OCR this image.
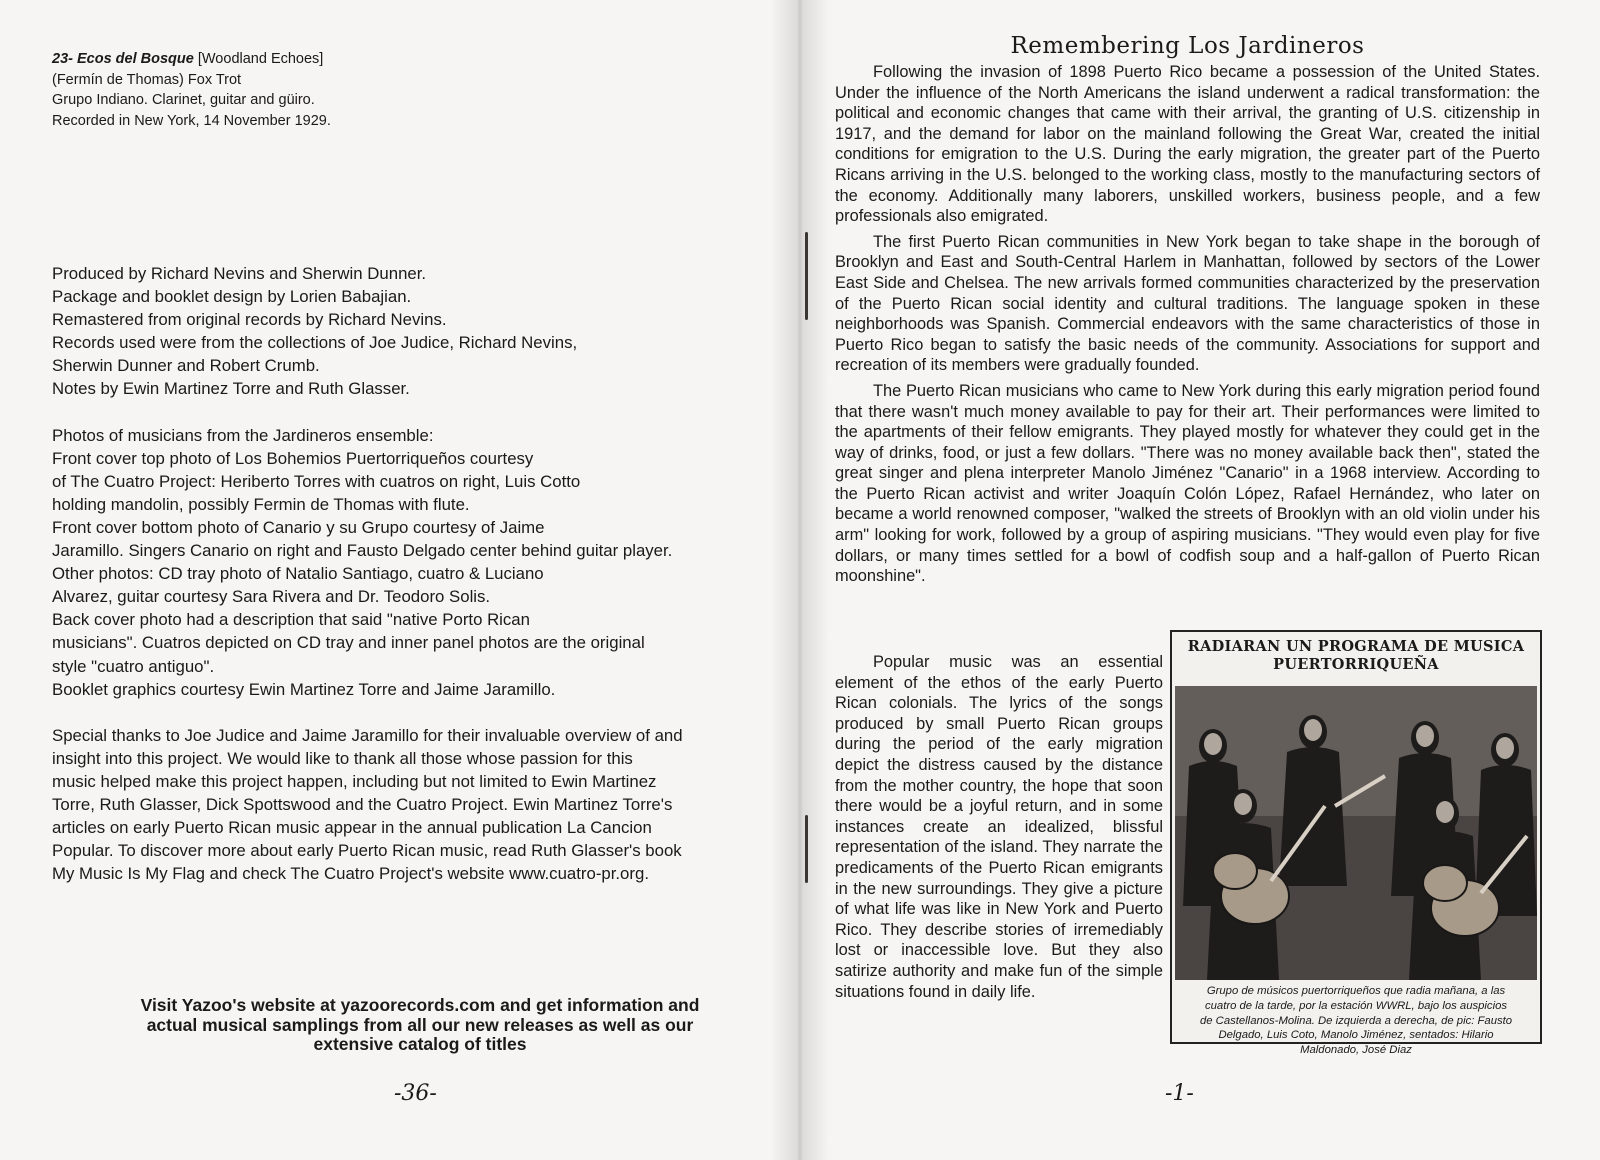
23- Ecos del Bosque [Woodland Echoes]

(Fermín de Thomas) Fox Trot

Grupo Indiano. Clarinet, guitar and güiro.

Recorded in New York, 14 November 1929.

Produced by Richard Nevins and Sherwin Dunner.

Package and booklet design by Lorien Babajian.

Remastered from original records by Richard Nevins.

Records used were from the collections of Joe Judice, Richard Nevins,

Sherwin Dunner and Robert Crumb.

Notes by Ewin Martinez Torre and Ruth Glasser.

Photos of musicians from the Jardineros ensemble:

Front cover top photo of Los Bohemios Puertorriqueños courtesy

of The Cuatro Project: Heriberto Torres with cuatros on right, Luis Cotto

holding mandolin, possibly Fermin de Thomas with flute.

Front cover bottom photo of Canario y su Grupo courtesy of Jaime

Jaramillo. Singers Canario on right and Fausto Delgado center behind guitar player.

Other photos: CD tray photo of Natalio Santiago, cuatro & Luciano

Alvarez, guitar courtesy Sara Rivera and Dr. Teodoro Solis.

Back cover photo had a description that said "native Porto Rican

musicians". Cuatros depicted on CD tray and inner panel photos are the original

style "cuatro antiguo".

Booklet graphics courtesy Ewin Martinez Torre and Jaime Jaramillo.

Special thanks to Joe Judice and Jaime Jaramillo for their invaluable overview of and

insight into this project. We would like to thank all those whose passion for this

music helped make this project happen, including but not limited to Ewin Martinez

Torre, Ruth Glasser, Dick Spottswood and the Cuatro Project. Ewin Martinez Torre's

articles on early Puerto Rican music appear in the annual publication La Cancion

Popular. To discover more about early Puerto Rican music, read Ruth Glasser's book

My Music Is My Flag and check The Cuatro Project's website www.cuatro-pr.org.

Visit Yazoo's website at yazoorecords.com and get information and

actual musical samplings from all our new releases as well as our

extensive catalog of titles

-36-
Remembering Los Jardineros

Following the invasion of 1898 Puerto Rico became a possession of the United States. Under the influence of the North Americans the island underwent a radical transformation: the political and economic changes that came with their arrival, the granting of U.S. citizenship in 1917, and the demand for labor on the mainland following the Great War, created the initial conditions for emigration to the U.S. During the early migration, the greater part of the Puerto Ricans arriving in the U.S. belonged to the working class, mostly to the manufacturing sectors of the economy. Additionally many laborers, unskilled workers, business people, and a few professionals also emigrated.

The first Puerto Rican communities in New York began to take shape in the borough of Brooklyn and East and South-Central Harlem in Manhattan, followed by sectors of the Lower East Side and Chelsea. The new arrivals formed communities characterized by the preservation of the Puerto Rican social identity and cultural traditions. The language spoken in these neighborhoods was Spanish. Commercial endeavors with the same characteristics of those in Puerto Rico began to satisfy the basic needs of the community. Associations for support and recreation of its members were gradually founded.

The Puerto Rican musicians who came to New York during this early migration period found that there wasn't much money available to pay for their art. Their performances were limited to the apartments of their fellow emigrants. They played mostly for whatever they could get in the way of drinks, food, or just a few dollars. "There was no money available back then", stated the great singer and plena interpreter Manolo Jiménez "Canario" in a 1968 interview. According to the Puerto Rican activist and writer Joaquín Colón López, Rafael Hernández, who later on became a world renowned composer, "walked the streets of Brooklyn with an old violin under his arm" looking for work, followed by a group of aspiring musicians. "They would even play for five dollars, or many times settled for a bowl of codfish soup and a half-gallon of Puerto Rican moonshine".

Popular music was an essential element of the ethos of the early Puerto Rican colonials. The lyrics of the songs produced by small Puerto Rican groups during the period of the early migration depict the distress caused by the distance from the mother country, the hope that soon there would be a joyful return, and in some instances create an idealized, blissful representation of the island. They narrate the predicaments of the Puerto Rican emigrants in the new surroundings. They give a picture of what life was like in New York and Puerto Rico. They describe stories of irremediably lost or inaccessible love. But they also satirize authority and make fun of the simple situations found in daily life.

RADIARAN UN PROGRAMA DE MUSICA

PUERTORRIQUEÑA

Grupo de músicos puertorriqueños que radia mañana, a las

cuatro de la tarde, por la estación WWRL, bajo los auspicios

de Castellanos-Molina. De izquierda a derecha, de pic: Fausto

Delgado, Luis Coto, Manolo Jiménez, sentados: Hilario

Maldonado, José Diaz

-1-
